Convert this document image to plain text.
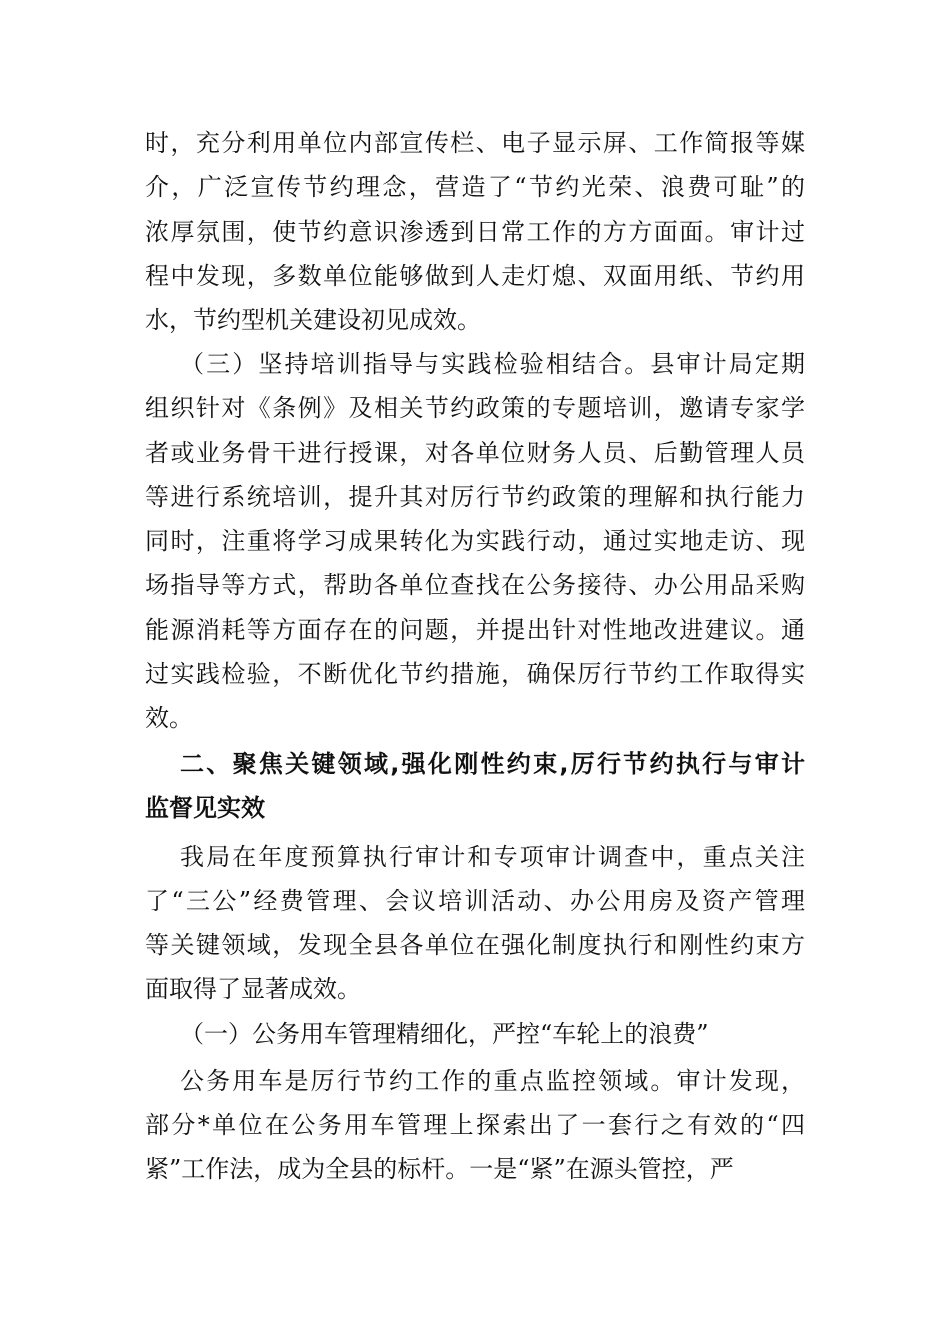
时，充分利用单位内部宣传栏、电子显示屏、工作简报等媒
介，广泛宣传节约理念，营造了“节约光荣、浪费可耻”的
浓厚氛围，使节约意识渗透到日常工作的方方面面。审计过
程中发现，多数单位能够做到人走灯熄、双面用纸、节约用
水，节约型机关建设初见成效。
（三）坚持培训指导与实践检验相结合。县审计局定期
组织针对《条例》及相关节约政策的专题培训，邀请专家学
者或业务骨干进行授课，对各单位财务人员、后勤管理人员
等进行系统培训，提升其对厉行节约政策的理解和执行能力
同时，注重将学习成果转化为实践行动，通过实地走访、现
场指导等方式，帮助各单位查找在公务接待、办公用品采购
能源消耗等方面存在的问题，并提出针对性地改进建议。通
过实践检验，不断优化节约措施，确保厉行节约工作取得实
效。
二、聚焦关键领域,强化刚性约束,厉行节约执行与审计
监督见实效
我局在年度预算执行审计和专项审计调查中，重点关注
了“三公”经费管理、会议培训活动、办公用房及资产管理
等关键领域，发现全县各单位在强化制度执行和刚性约束方
面取得了显著成效。
（一）公务用车管理精细化，严控“车轮上的浪费”
公务用车是厉行节约工作的重点监控领域。审计发现，
部分*单位在公务用车管理上探索出了一套行之有效的“四
紧”工作法，成为全县的标杆。一是“紧”在源头管控，严
